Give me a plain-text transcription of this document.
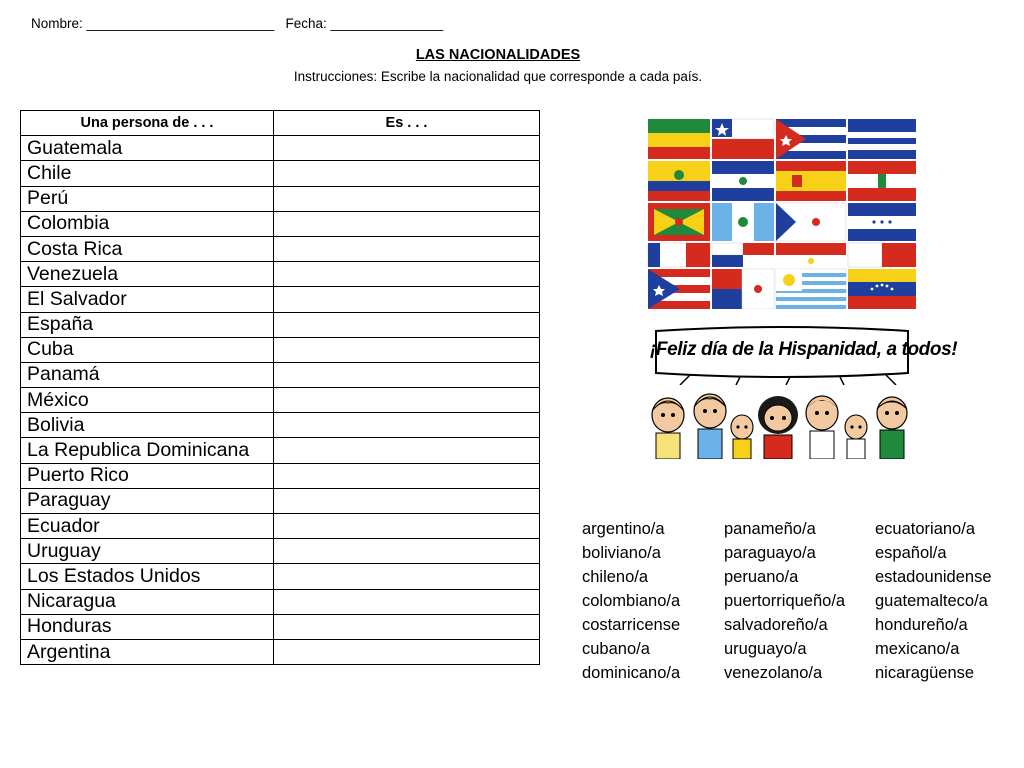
Nombre: _________________________ Fecha: _______________
LAS NACIONALIDADES
Instrucciones: Escribe la nacionalidad que corresponde a cada país.
Una persona de . . .	Es . . .
Guatemala	
Chile	
Perú	
Colombia	
Costa Rica	
Venezuela	
El Salvador	
España	
Cuba	
Panamá	
México	
Bolivia	
La Republica Dominicana	
Puerto Rico	
Paraguay	
Ecuador	
Uruguay	
Los Estados Unidos	
Nicaragua	
Honduras	
Argentina	
¡Feliz día de la Hispanidad, a todos!
argentino/a
boliviano/a
chileno/a
colombiano/a
costarricense
cubano/a
dominicano/a
panameño/a
paraguayo/a
peruano/a
puertorriqueño/a
salvadoreño/a
uruguayo/a
venezolano/a
ecuatoriano/a
español/a
estadounidense
guatemalteco/a
hondureño/a
mexicano/a
nicaragüense
